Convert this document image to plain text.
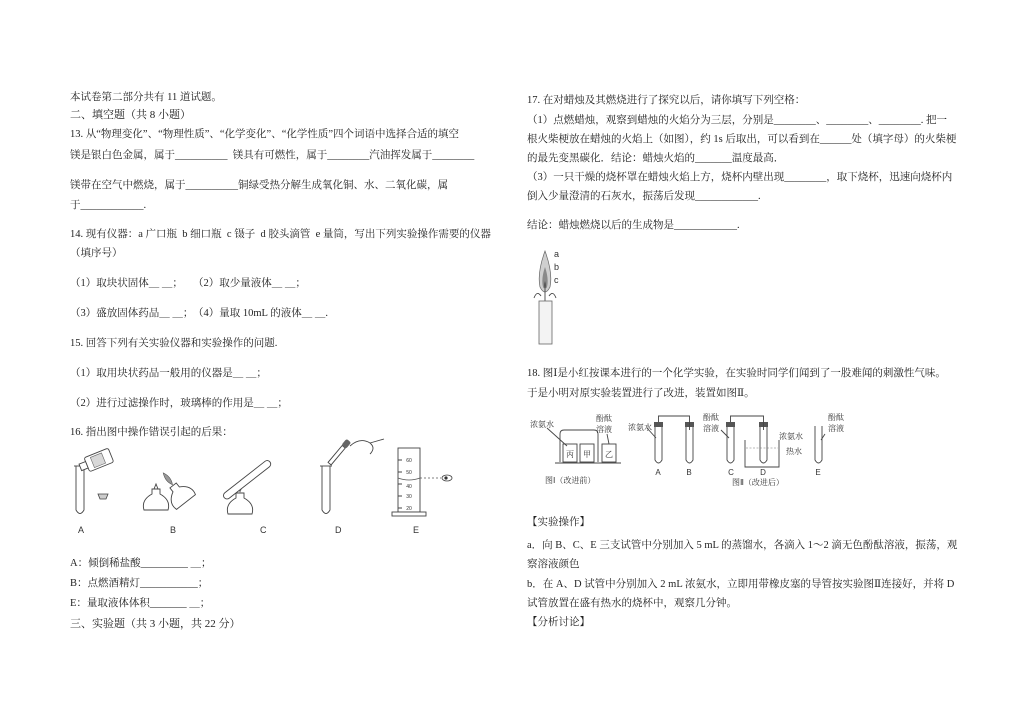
本试卷第二部分共有 11 道试题。
二、填空题（共 8 小题）
13. 从“物理变化”、“物理性质”、“化学变化”、“化学性质”四个词语中选择合适的填空
镁是银白色金属，属于__________  镁具有可燃性，属于________汽油挥发属于________
镁带在空气中燃烧，属于__________铜绿受热分解生成氧化铜、水、二氧化碳，属
于____________.
14. 现有仪器：a 广口瓶  b 细口瓶  c 镊子  d 胶头滴管  e 量筒，写出下列实验操作需要的仪器
（填序号）
（1）取块状固体＿ ＿； （2）取少量液体＿ ＿；
（3）盛放固体药品＿ ＿； （4）量取 10mL 的液体＿ ＿.
15. 回答下列有关实验仪器和实验操作的问题.
（1）取用块状药品一般用的仪器是＿ ＿；
（2）进行过滤操作时，玻璃棒的作用是＿ ＿；
16. 指出图中操作错误引起的后果：
60
50
40
30
20
A	B	C	D	E
A：倾倒稀盐酸_________ ＿；
B：点燃酒精灯___________；
E：量取液体体积_______ ＿；
三、实验题（共 3 小题，共 22 分）
17. 在对蜡烛及其燃烧进行了探究以后，请你填写下列空格：
（1）点燃蜡烛，观察到蜡烛的火焰分为三层，分别是________、________、________. 把一
根火柴梗放在蜡烛的火焰上（如图），约 1s 后取出，可以看到在______处（填字母）的火柴梗
的最先变黑碳化．结论：蜡烛火焰的_______温度最高．
（3）一只干燥的烧杯罩在蜡烛火焰上方，烧杯内壁出现________，取下烧杯，迅速向烧杯内
倒入少量澄清的石灰水，振荡后发现____________.
结论：蜡烛燃烧以后的生成物是____________.
a
b
c
18. 图Ⅰ是小红按课本进行的一个化学实验，在实验时同学们闻到了一股难闻的刺激性气味。
于是小明对原实验装置进行了改进，装置如图Ⅱ。
浓氨水
酚酞
溶液
丙 甲 乙
图Ⅰ（改进前）
浓氨水
酚酞
溶液
浓氨水
热水
酚酞
溶液
A	B	C	D	E
图Ⅱ（改进后）
【实验操作】
a．向 B、C、E 三支试管中分别加入 5 mL 的蒸馏水，各滴入 1～2 滴无色酚酞溶液，振荡，观
察溶液颜色
b．在 A、D 试管中分别加入 2 mL 浓氨水，立即用带橡皮塞的导管按实验图Ⅱ连接好，并将 D
试管放置在盛有热水的烧杯中，观察几分钟。
【分析讨论】
